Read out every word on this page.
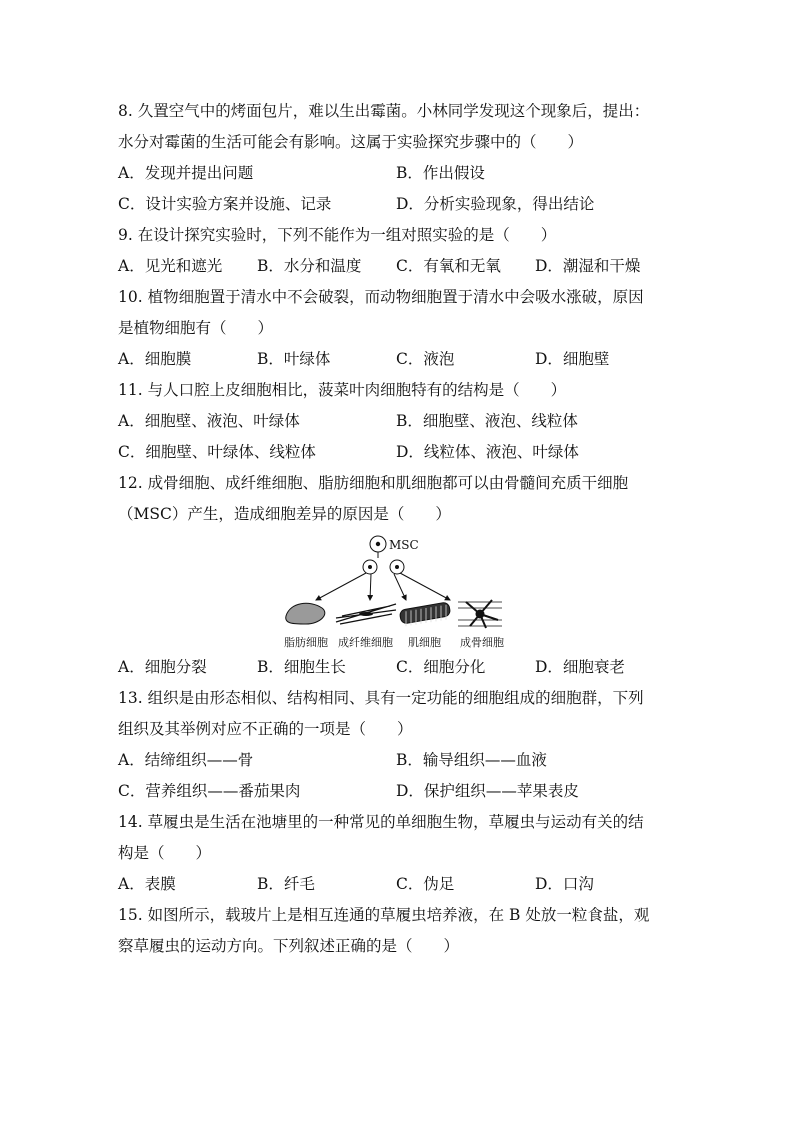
8. 久置空气中的烤面包片，难以生出霉菌。小林同学发现这个现象后，提出：
水分对霉菌的生活可能会有影响。这属于实验探究步骤中的（　　）
A．发现并提出问题	B．作出假设
C．设计实验方案并设施、记录	D．分析实验现象，得出结论
9. 在设计探究实验时，下列不能作为一组对照实验的是（　　）
A．见光和遮光	B．水分和温度	C．有氧和无氧	D．潮湿和干燥
10. 植物细胞置于清水中不会破裂，而动物细胞置于清水中会吸水涨破，原因
是植物细胞有（　　）
A．细胞膜	B．叶绿体	C．液泡	D．细胞壁
11. 与人口腔上皮细胞相比，菠菜叶肉细胞特有的结构是（　　）
A．细胞壁、液泡、叶绿体	B．细胞壁、液泡、线粒体
C．细胞壁、叶绿体、线粒体	D．线粒体、液泡、叶绿体
12. 成骨细胞、成纤维细胞、脂肪细胞和肌细胞都可以由骨髓间充质干细胞
（MSC）产生，造成细胞差异的原因是（　　）
MSC
脂肪细胞 成纤维细胞 肌细胞 成骨细胞
A．细胞分裂	B．细胞生长	C．细胞分化	D．细胞衰老
13. 组织是由形态相似、结构相同、具有一定功能的细胞组成的细胞群，下列
组织及其举例对应不正确的一项是（　　）
A．结缔组织——骨	B．输导组织——血液
C．营养组织——番茄果肉	D．保护组织——苹果表皮
14. 草履虫是生活在池塘里的一种常见的单细胞生物，草履虫与运动有关的结
构是（　　）
A．表膜	B．纤毛	C．伪足	D．口沟
15. 如图所示，载玻片上是相互连通的草履虫培养液，在 B 处放一粒食盐，观
察草履虫的运动方向。下列叙述正确的是（　　）
